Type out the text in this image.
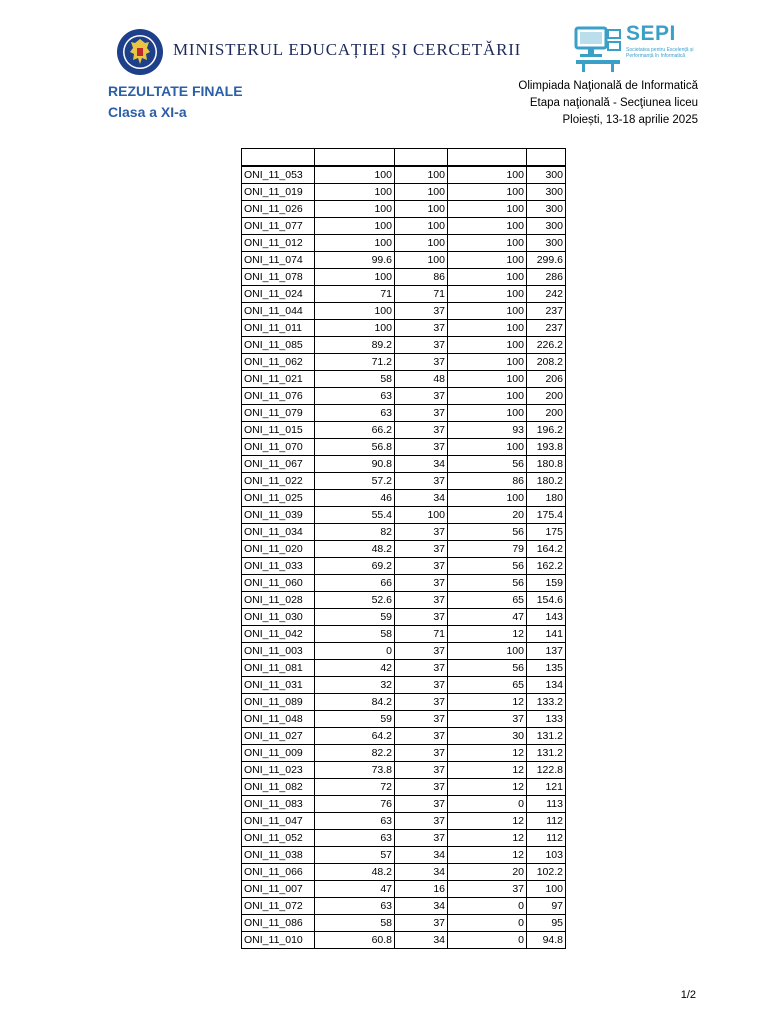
MINISTERUL EDUCAȚIEI ȘI CERCETĂRII
REZULTATE FINALE
Clasa a XI-a
SEPI
Societatea pentru Excelență și Performanță în Informatică
Olimpiada Naţională de Informatică
Etapa naţională - Secţiunea liceu
Ploiești, 13-18 aprilie 2025

ONI_11_053	100	100	100	300
ONI_11_019	100	100	100	300
ONI_11_026	100	100	100	300
ONI_11_077	100	100	100	300
ONI_11_012	100	100	100	300
ONI_11_074	99.6	100	100	299.6
ONI_11_078	100	86	100	286
ONI_11_024	71	71	100	242
ONI_11_044	100	37	100	237
ONI_11_011	100	37	100	237
ONI_11_085	89.2	37	100	226.2
ONI_11_062	71.2	37	100	208.2
ONI_11_021	58	48	100	206
ONI_11_076	63	37	100	200
ONI_11_079	63	37	100	200
ONI_11_015	66.2	37	93	196.2
ONI_11_070	56.8	37	100	193.8
ONI_11_067	90.8	34	56	180.8
ONI_11_022	57.2	37	86	180.2
ONI_11_025	46	34	100	180
ONI_11_039	55.4	100	20	175.4
ONI_11_034	82	37	56	175
ONI_11_020	48.2	37	79	164.2
ONI_11_033	69.2	37	56	162.2
ONI_11_060	66	37	56	159
ONI_11_028	52.6	37	65	154.6
ONI_11_030	59	37	47	143
ONI_11_042	58	71	12	141
ONI_11_003	0	37	100	137
ONI_11_081	42	37	56	135
ONI_11_031	32	37	65	134
ONI_11_089	84.2	37	12	133.2
ONI_11_048	59	37	37	133
ONI_11_027	64.2	37	30	131.2
ONI_11_009	82.2	37	12	131.2
ONI_11_023	73.8	37	12	122.8
ONI_11_082	72	37	12	121
ONI_11_083	76	37	0	113
ONI_11_047	63	37	12	112
ONI_11_052	63	37	12	112
ONI_11_038	57	34	12	103
ONI_11_066	48.2	34	20	102.2
ONI_11_007	47	16	37	100
ONI_11_072	63	34	0	97
ONI_11_086	58	37	0	95
ONI_11_010	60.8	34	0	94.8
1/2
